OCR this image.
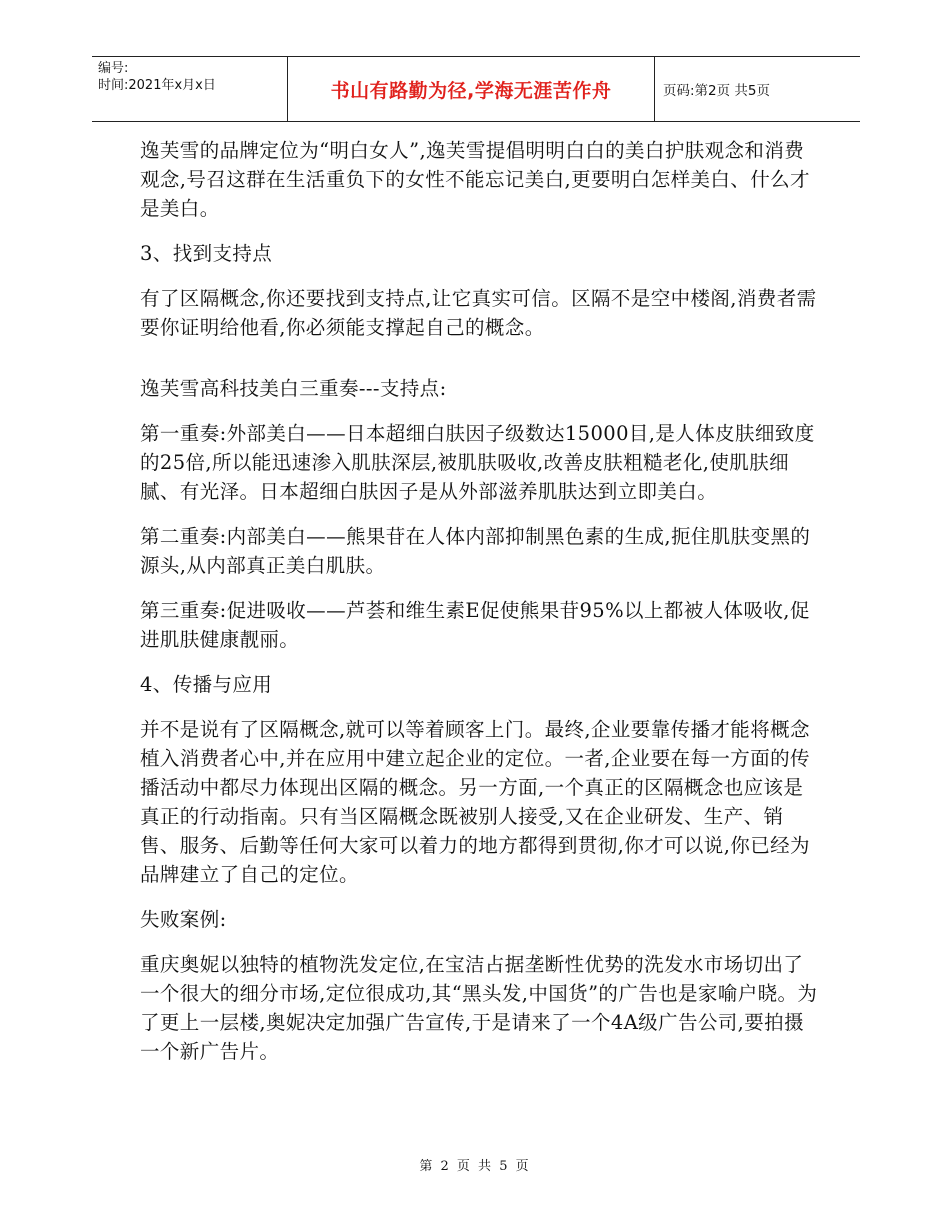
编号:
时间:2021年x月x日	书山有路勤为径,学海无涯苦作舟	页码:第2页 共5页

逸芙雪的品牌定位为“明白女人”,逸芙雪提倡明明白白的美白护肤观念和消费观念,号召这群在生活重负下的女性不能忘记美白,更要明白怎样美白、什么才是美白。

3、找到支持点

有了区隔概念,你还要找到支持点,让它真实可信。区隔不是空中楼阁,消费者需要你证明给他看,你必须能支撑起自己的概念。

逸芙雪高科技美白三重奏---支持点:

第一重奏:外部美白——日本超细白肤因子级数达15000目,是人体皮肤细致度的25倍,所以能迅速渗入肌肤深层,被肌肤吸收,改善皮肤粗糙老化,使肌肤细腻、有光泽。日本超细白肤因子是从外部滋养肌肤达到立即美白。

第二重奏:内部美白——熊果苷在人体内部抑制黑色素的生成,扼住肌肤变黑的源头,从内部真正美白肌肤。

第三重奏:促进吸收——芦荟和维生素E促使熊果苷95%以上都被人体吸收,促进肌肤健康靓丽。

4、传播与应用

并不是说有了区隔概念,就可以等着顾客上门。最终,企业要靠传播才能将概念植入消费者心中,并在应用中建立起企业的定位。一者,企业要在每一方面的传播活动中都尽力体现出区隔的概念。另一方面,一个真正的区隔概念也应该是真正的行动指南。只有当区隔概念既被别人接受,又在企业研发、生产、销售、服务、后勤等任何大家可以着力的地方都得到贯彻,你才可以说,你已经为品牌建立了自己的定位。

失败案例:

重庆奥妮以独特的植物洗发定位,在宝洁占据垄断性优势的洗发水市场切出了一个很大的细分市场,定位很成功,其“黑头发,中国货”的广告也是家喻户晓。为了更上一层楼,奥妮决定加强广告宣传,于是请来了一个4A级广告公司,要拍摄一个新广告片。

第 2 页 共 5 页
